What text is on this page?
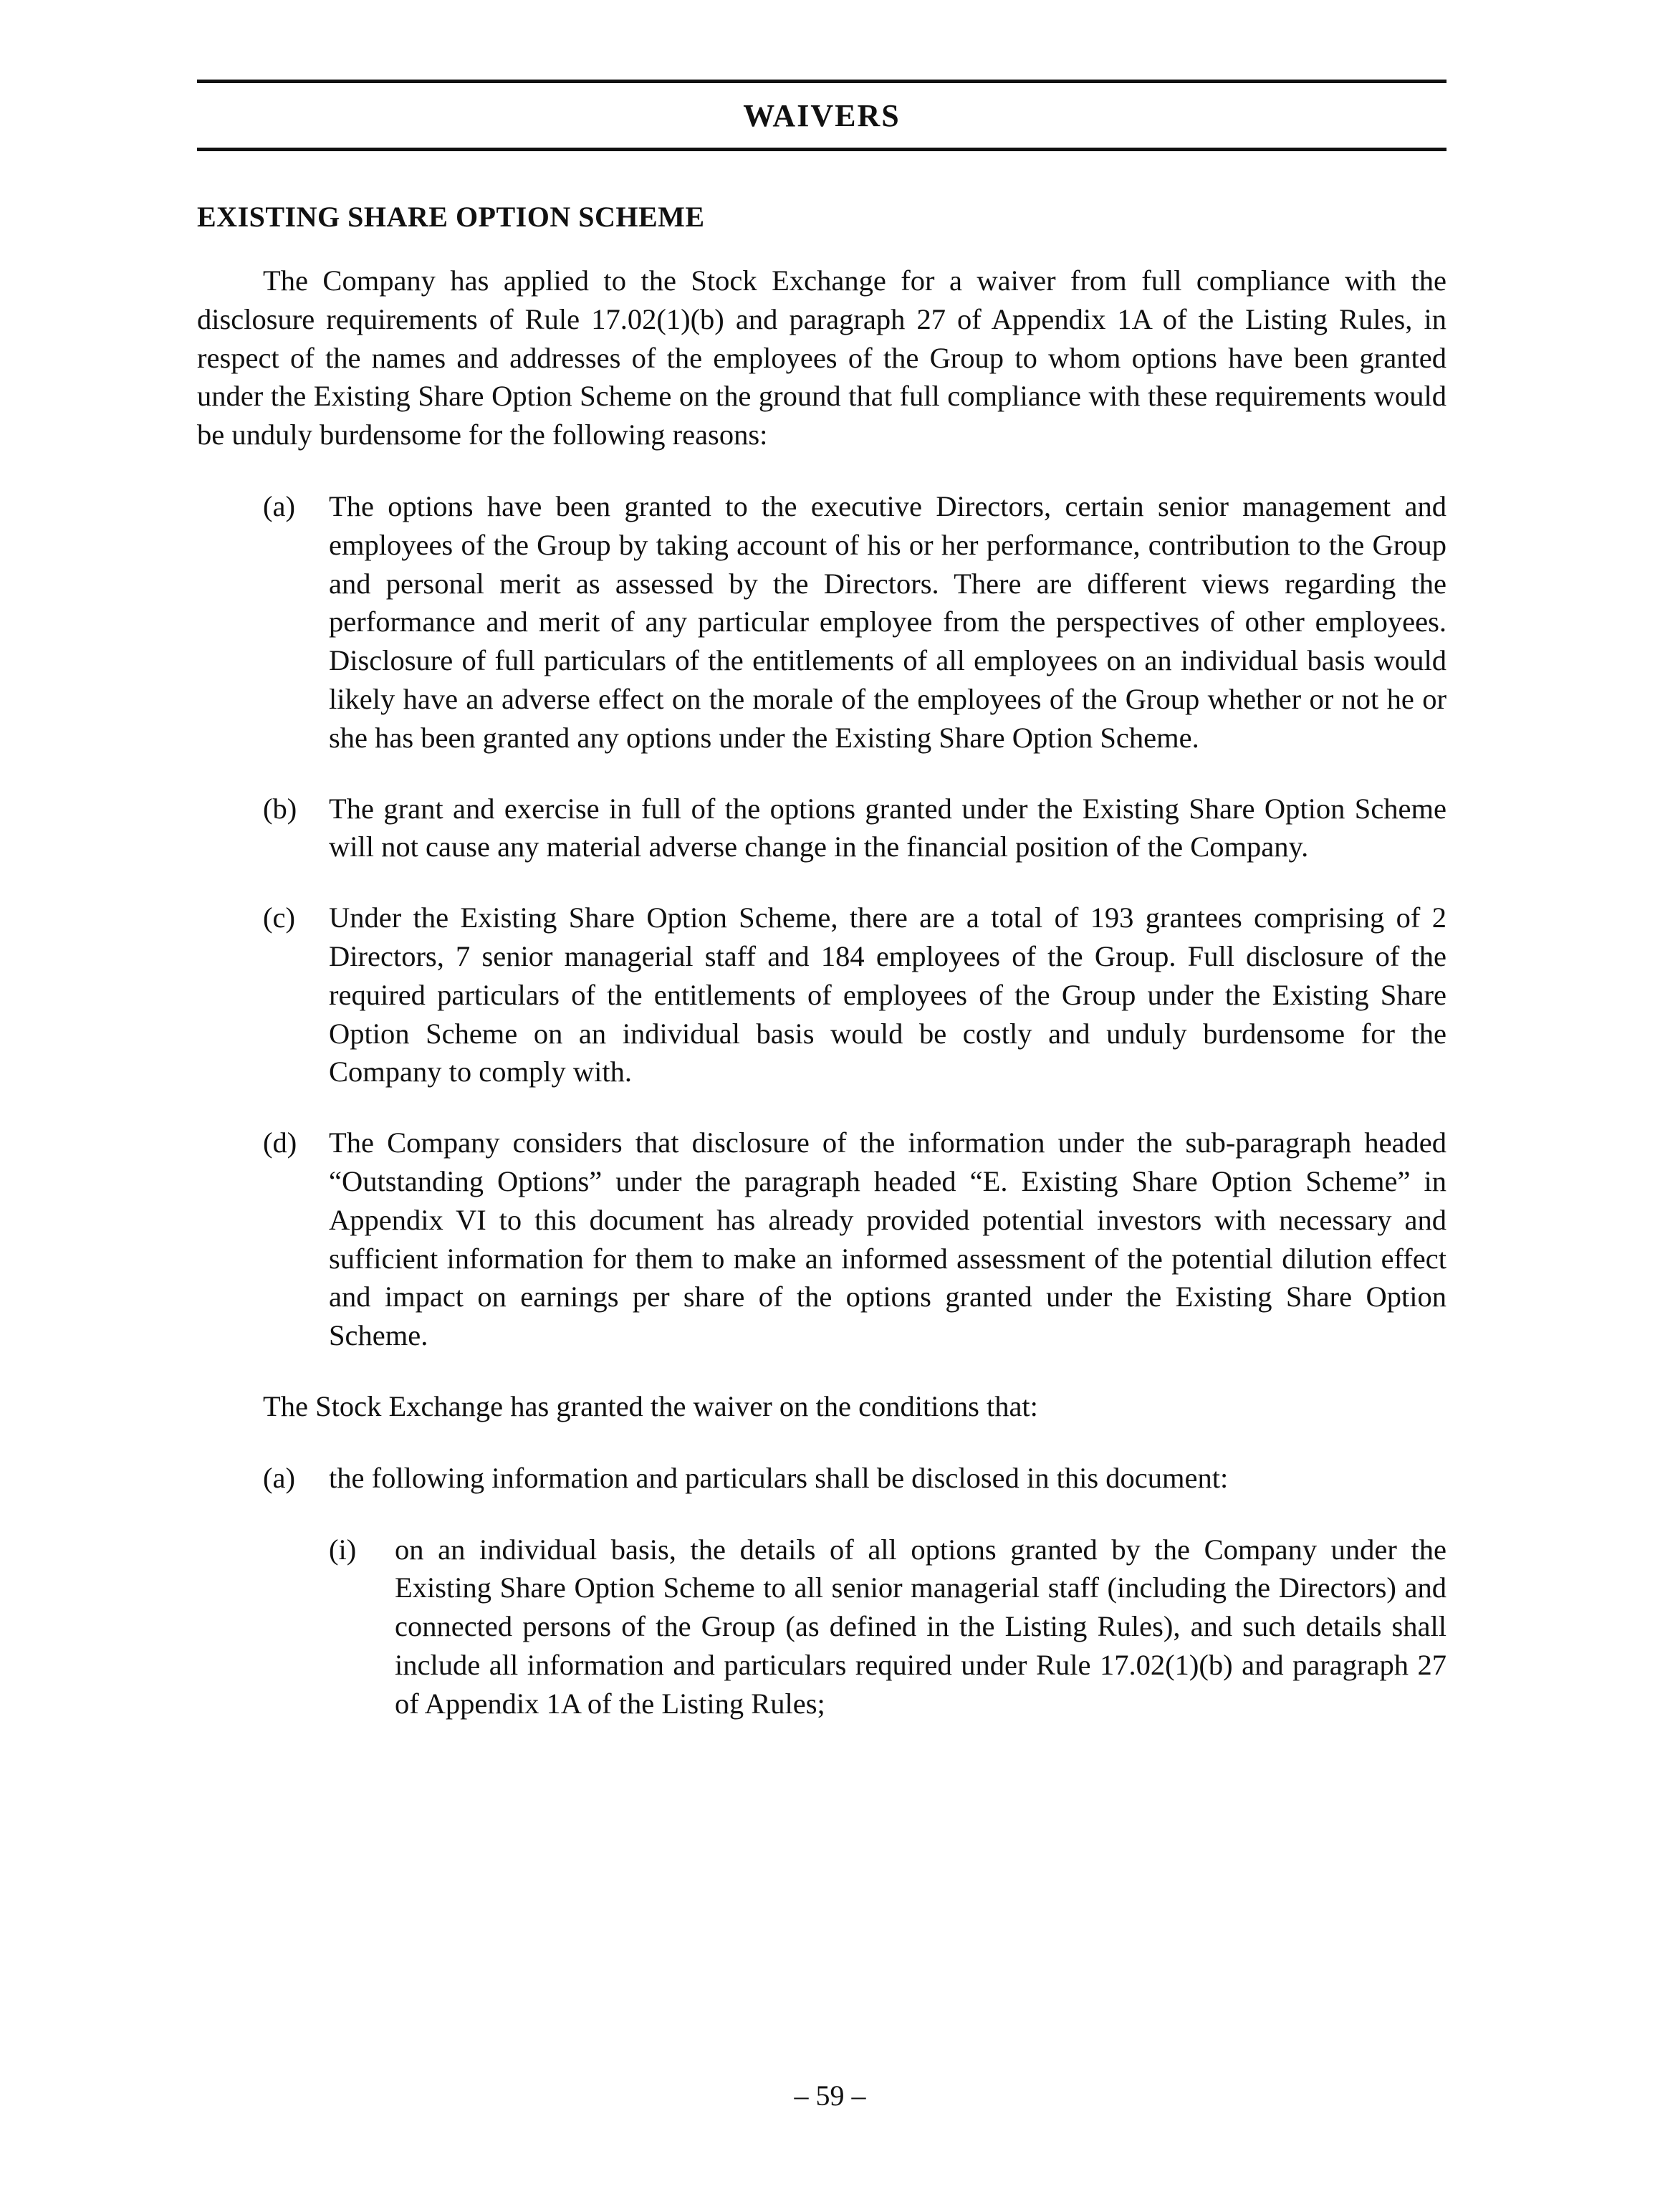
WAIVERS
EXISTING SHARE OPTION SCHEME

The Company has applied to the Stock Exchange for a waiver from full compliance with the disclosure requirements of Rule 17.02(1)(b) and paragraph 27 of Appendix 1A of the Listing Rules, in respect of the names and addresses of the employees of the Group to whom options have been granted under the Existing Share Option Scheme on the ground that full compliance with these requirements would be unduly burdensome for the following reasons:

(a)	The options have been granted to the executive Directors, certain senior management and employees of the Group by taking account of his or her performance, contribution to the Group and personal merit as assessed by the Directors. There are different views regarding the performance and merit of any particular employee from the perspectives of other employees. Disclosure of full particulars of the entitlements of all employees on an individual basis would likely have an adverse effect on the morale of the employees of the Group whether or not he or she has been granted any options under the Existing Share Option Scheme.
(b)	The grant and exercise in full of the options granted under the Existing Share Option Scheme will not cause any material adverse change in the financial position of the Company.
(c)	Under the Existing Share Option Scheme, there are a total of 193 grantees comprising of 2 Directors, 7 senior managerial staff and 184 employees of the Group. Full disclosure of the required particulars of the entitlements of employees of the Group under the Existing Share Option Scheme on an individual basis would be costly and unduly burdensome for the Company to comply with.
(d)	The Company considers that disclosure of the information under the sub-paragraph headed “Outstanding Options” under the paragraph headed “E. Existing Share Option Scheme” in Appendix VI to this document has already provided potential investors with necessary and sufficient information for them to make an informed assessment of the potential dilution effect and impact on earnings per share of the options granted under the Existing Share Option Scheme.

The Stock Exchange has granted the waiver on the conditions that:

(a)	the following information and particulars shall be disclosed in this document:
(i)	on an individual basis, the details of all options granted by the Company under the Existing Share Option Scheme to all senior managerial staff (including the Directors) and connected persons of the Group (as defined in the Listing Rules), and such details shall include all information and particulars required under Rule 17.02(1)(b) and paragraph 27 of Appendix 1A of the Listing Rules;
– 59 –
